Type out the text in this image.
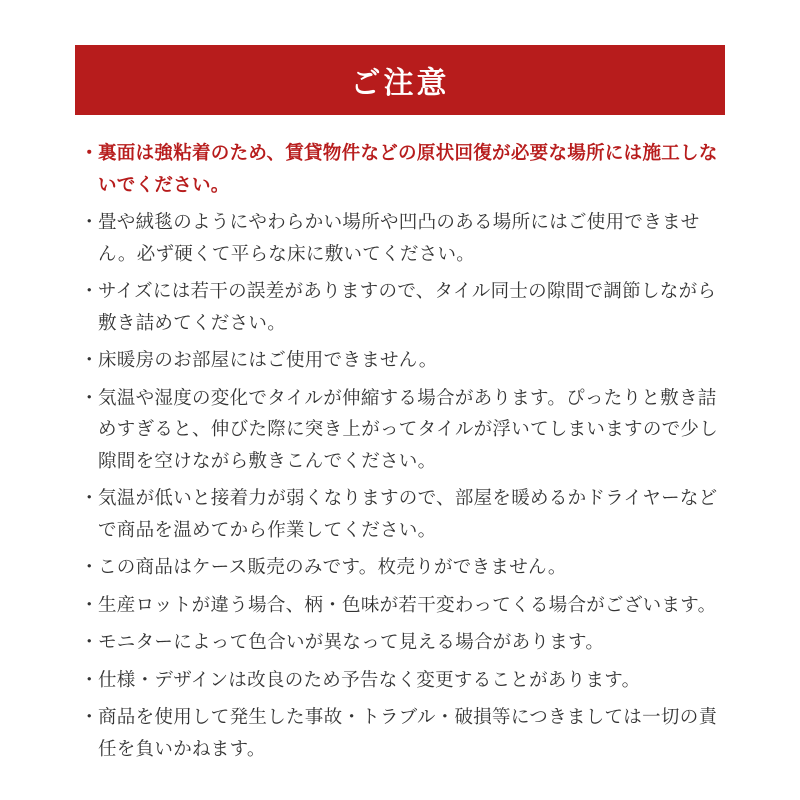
ご注意
・ 裏面は強粘着のため、賃貸物件などの原状回復が必要な場所には施工しないでください。
・ 畳や絨毯のようにやわらかい場所や凹凸のある場所にはご使用できません。必ず硬くて平らな床に敷いてください。
・ サイズには若干の誤差がありますので、タイル同士の隙間で調節しながら敷き詰めてください。
・ 床暖房のお部屋にはご使用できません。
・ 気温や湿度の変化でタイルが伸縮する場合があります。ぴったりと敷き詰めすぎると、伸びた際に突き上がってタイルが浮いてしまいますので少し隙間を空けながら敷きこんでください。
・ 気温が低いと接着力が弱くなりますので、部屋を暖めるかドライヤーなどで商品を温めてから作業してください。
・ この商品はケース販売のみです。枚売りができません。
・ 生産ロットが違う場合、柄・色味が若干変わってくる場合がございます。
・ モニターによって色合いが異なって見える場合があります。
・ 仕様・デザインは改良のため予告なく変更することがあります。
・ 商品を使用して発生した事故・トラブル・破損等につきましては一切の責任を負いかねます。
